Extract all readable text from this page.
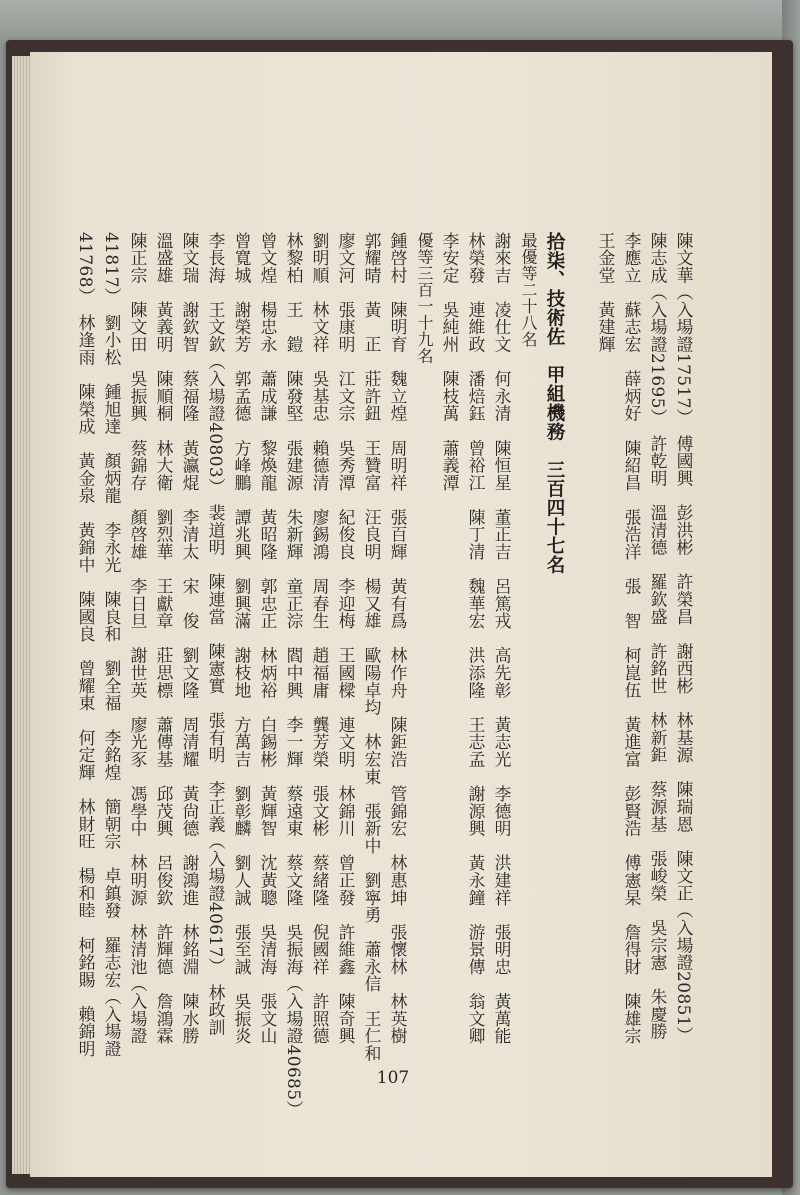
陳文華（入場證17517）　傅國興　彭洪彬　許榮昌　謝西彬　林基源　陳瑞恩　陳文正（入場證20851）
陳志成（入場證21695）　許乾明　溫清德　羅欽盛　許銘世　林新鉅　蔡源基　張峻榮　吳宗憲　朱慶勝
李應立　蘇志宏　薛炳好　陳紹昌　張浩洋　張　智　柯崑伍　黃進富　彭賢浩　傅憲杲　詹得財　陳雄宗
王金堂　黃建輝
拾柒、技術佐　甲組機務　三百四十七名
最優等二十八名
謝來吉　凌仕文　何永清　陳恒星　董正吉　呂篤戎　高先彰　黃志光　李德明　洪建祥　張明忠　黃萬能
林榮發　連維政　潘焙鈺　曾裕江　陳丁清　魏華宏　洪添隆　王志孟　謝源興　黃永鐘　游景傳　翁文卿
李安定　吳純州　陳枝萬　蕭義潭
優等三百一十九名
鍾啓村　陳明育　魏立煌　周明祥　張百輝　黃有爲　林作舟　陳鉅浩　管錦宏　林惠坤　張懷林　林英樹
郭耀晴　黃　正　莊許鈕　王贊富　汪良明　楊又雄　歐陽卓均　林宏東　張新中　劉寧勇　蕭永信　王仁和
廖文河　張康明　江文宗　吳秀潭　紀俊良　李迎梅　王國樑　連文明　林錦川　曾正發　許維鑫　陳奇興
劉明順　林文祥　吳基忠　賴德清　廖錫鴻　周春生　趙福庸　龔芳榮　張文彬　蔡緒隆　倪國祥　許照德
林黎柏　王　鎧　陳發堅　張建源　朱新輝　童正淙　閻中興　李一輝　蔡遠東　蔡文隆　吳振海（入場證40685）
曾文煌　楊忠永　蕭成謙　黎煥龍　黃昭隆　郭忠正　林炳裕　白錫彬　黃輝智　沈黃聰　吳清海　張文山
曾寬城　謝榮芳　郭孟德　方峰鵬　譚兆興　劉興滿　謝枝地　方萬吉　劉彰麟　劉人誠　張至誠　吳振炎
李長海　王文欽（入場證40803）　裴道明　陳連當　陳憲實　張有明　李正義（入場證40617）　林政訓
陳文瑞　謝欽智　蔡福隆　黃瀛焜　李清太　宋　俊　劉文隆　周清耀　黃尙德　謝鴻進　林銘淵　陳水勝
溫盛雄　黃義明　陳順桐　林大衛　劉烈華　王獻章　莊思標　蕭傳基　邱茂興　呂俊欽　許輝德　詹鴻霖
陳正宗　陳文田　吳振興　蔡錦存　顏啓雄　李日旦　謝世英　廖光豕　馮學中　林明源　林清池（入場證
41817）　劉小松　鍾旭達　顏炳龍　李永光　陳良和　劉全福　李銘煌　簡朝宗　卓鎮發　羅志宏（入場證
41768）　林逢雨　陳榮成　黃金泉　黃錦中　陳國良　曾耀東　何定輝　林財旺　楊和睦　柯銘賜　賴錦明
107
